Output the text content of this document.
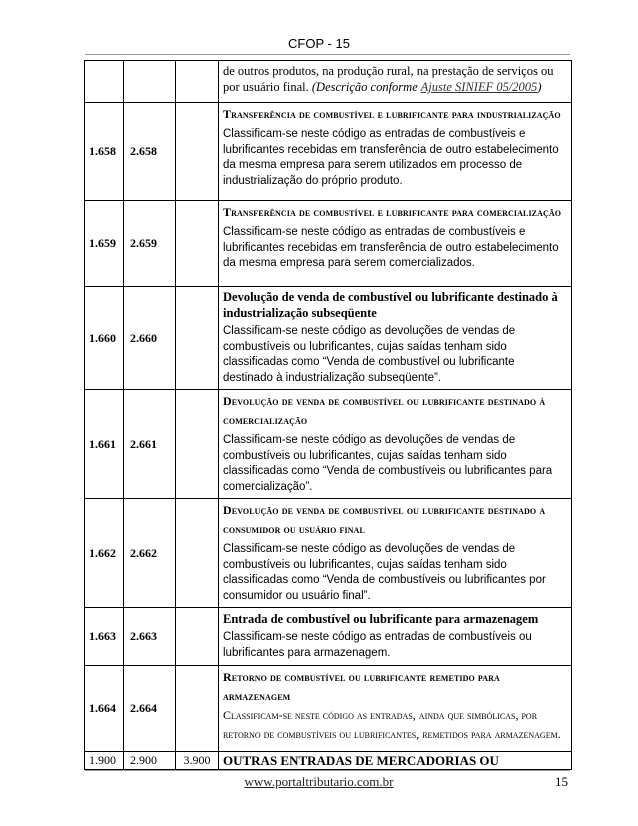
CFOP - 15
			de outros produtos, na produção rural, na prestação de serviços ou por usuário final. (Descrição conforme Ajuste SINIEF 05/2005)
1.658	2.658		Transferência de combustível e lubrificante para industrialização
Classificam-se neste código as entradas de combustíveis e lubrificantes recebidas em transferência de outro estabelecimento da mesma empresa para serem utilizados em processo de industrialização do próprio produto.

1.659	2.659		Transferência de combustível e lubrificante para comercialização
Classificam-se neste código as entradas de combustíveis e lubrificantes recebidas em transferência de outro estabelecimento da mesma empresa para serem comercializados.

1.660	2.660		Devolução de venda de combustível ou lubrificante destinado à industrialização subseqüente
Classificam-se neste código as devoluções de vendas de combustíveis ou lubrificantes, cujas saídas tenham sido classificadas como “Venda de combustível ou lubrificante destinado à industrialização subseqüente”.

1.661	2.661		Devolução de venda de combustível ou lubrificante destinado à comercialização
Classificam-se neste código as devoluções de vendas de combustíveis ou lubrificantes, cujas saídas tenham sido classificadas como “Venda de combustíveis ou lubrificantes para comercialização”.

1.662	2.662		Devolução de venda de combustível ou lubrificante destinado a consumidor ou usuário final
Classificam-se neste código as devoluções de vendas de combustíveis ou lubrificantes, cujas saídas tenham sido classificadas como “Venda de combustíveis ou lubrificantes por consumidor ou usuário final”.

1.663	2.663		Entrada de combustível ou lubrificante para armazenagem
Classificam-se neste código as entradas de combustíveis ou lubrificantes para armazenagem.

1.664	2.664		Retorno de combustível ou lubrificante remetido para armazenagem
Classificam-se neste código as entradas, ainda que simbólicas, por retorno de combustíveis ou lubrificantes, remetidos para armazenagem.

1.900	2.900	3.900	OUTRAS ENTRADAS DE MERCADORIAS OU
www.portaltributario.com.br	15
